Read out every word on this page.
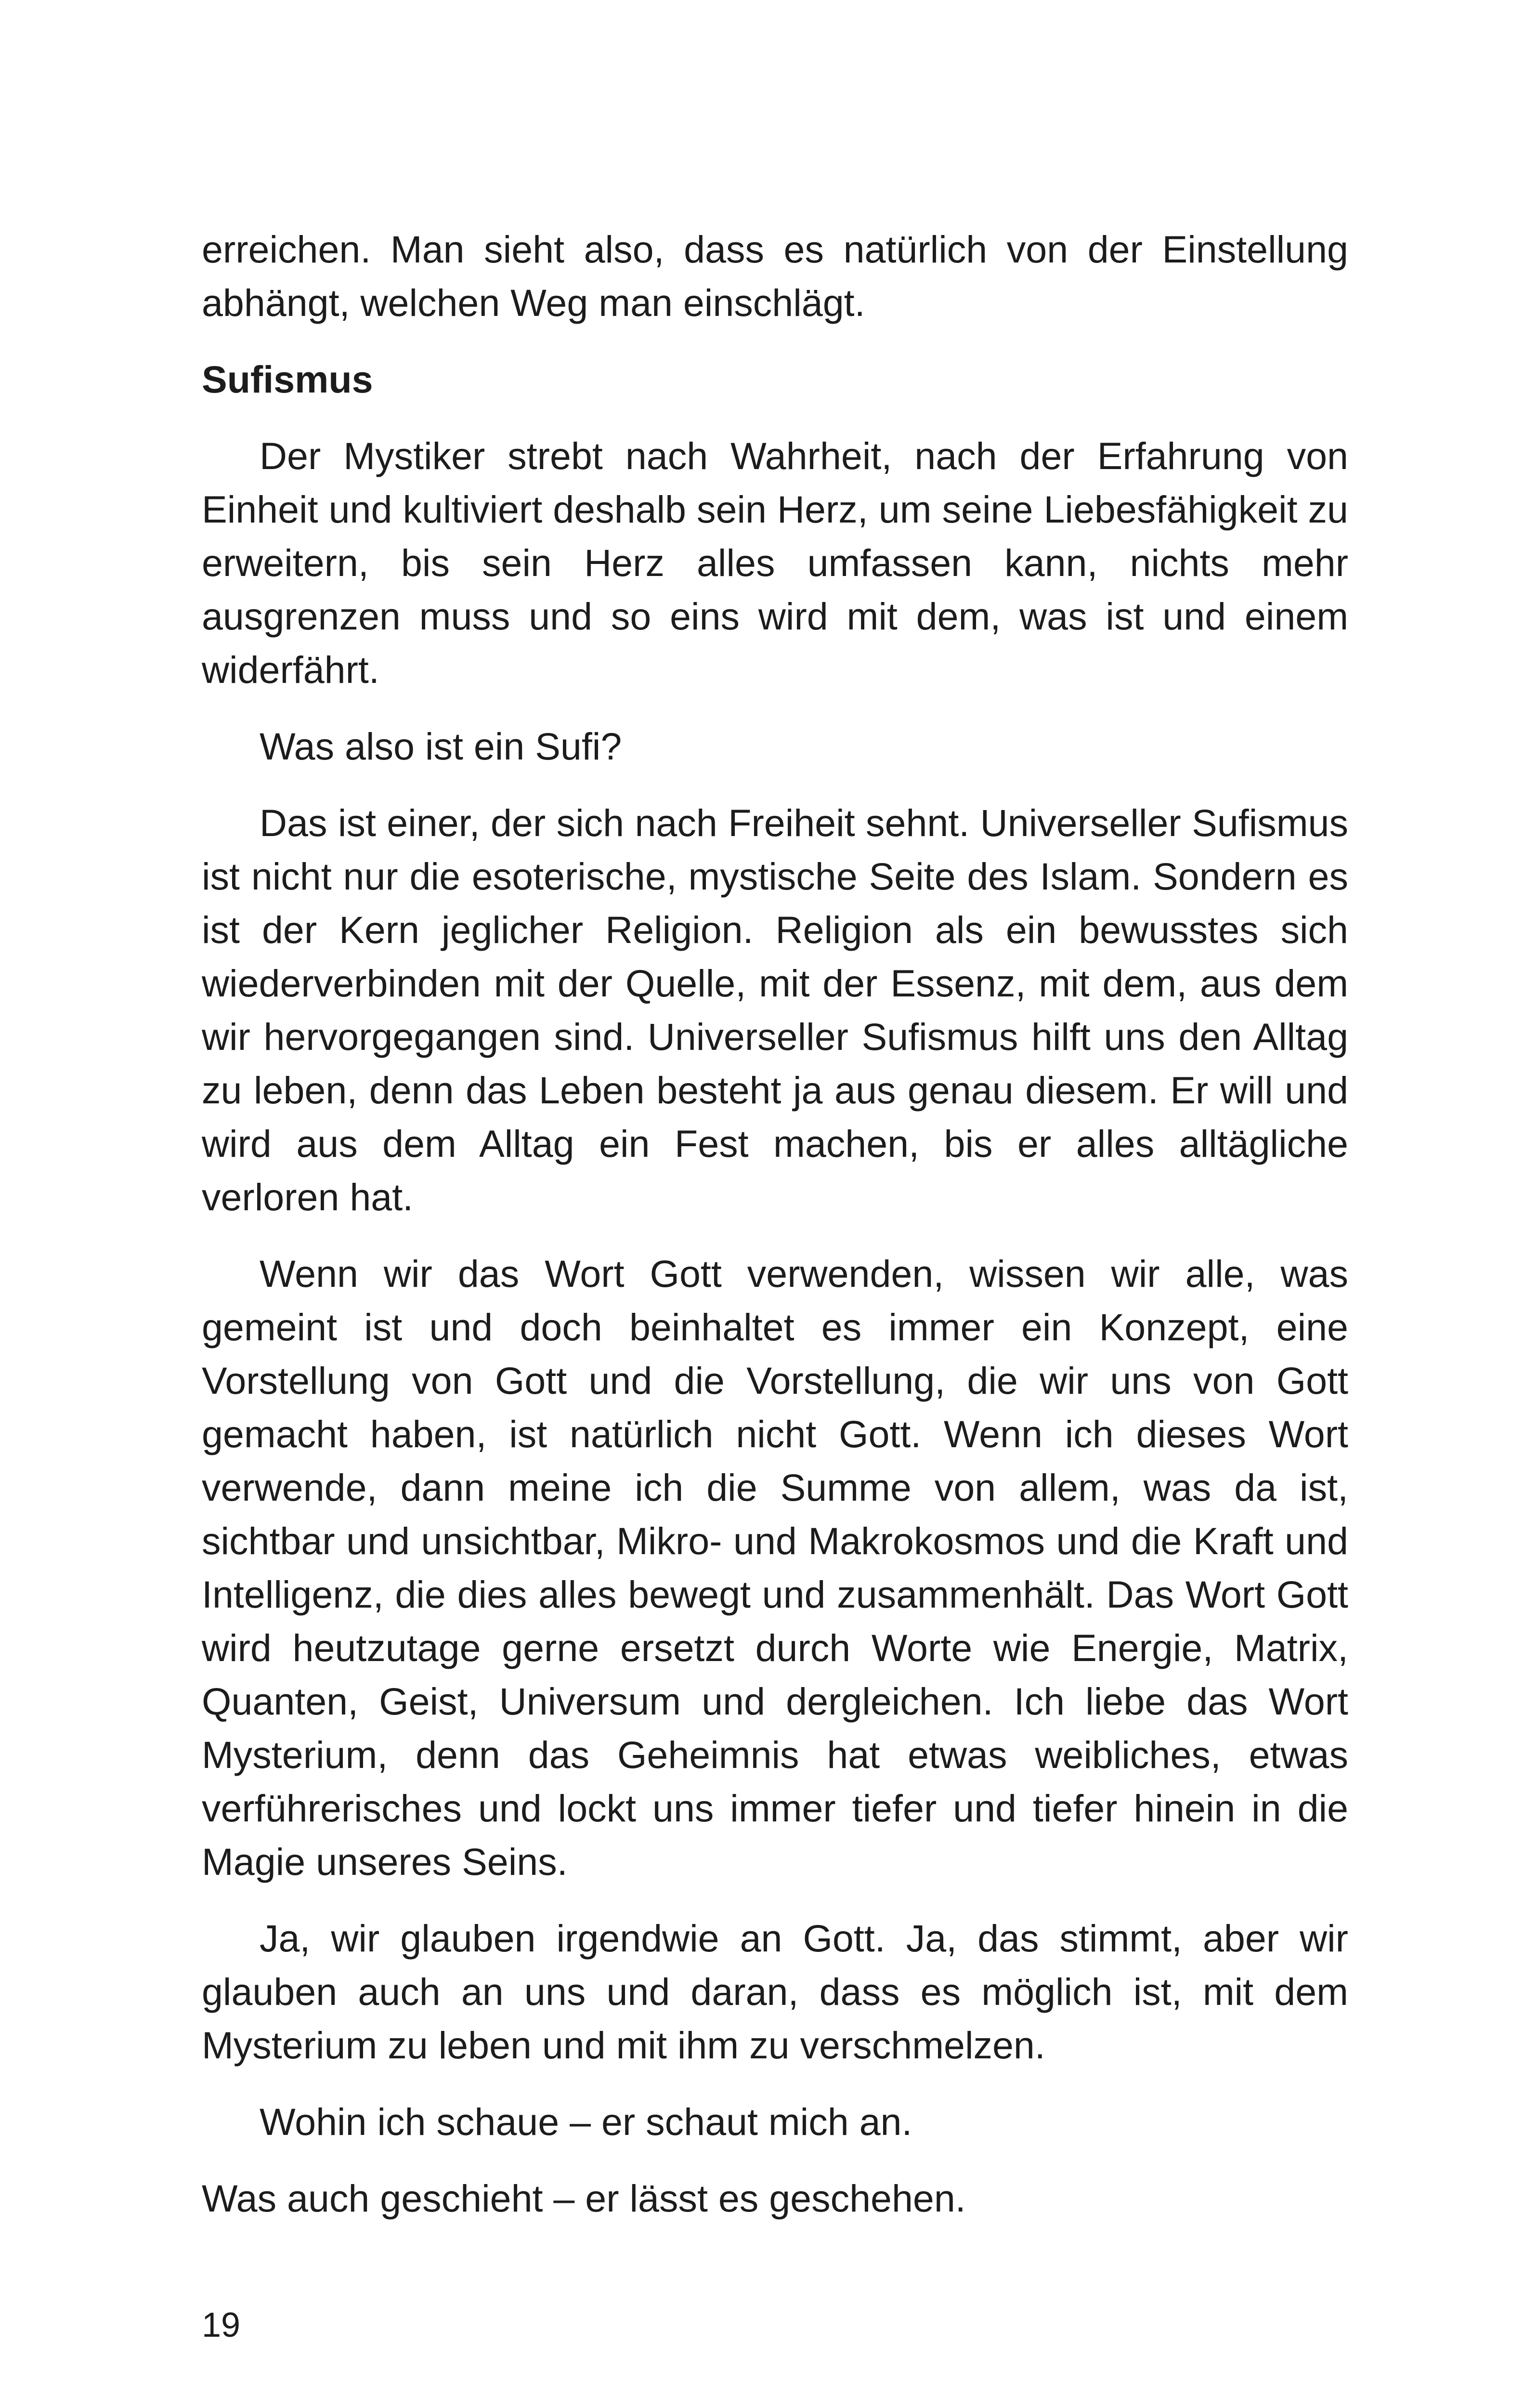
erreichen. Man sieht also, dass es natürlich von der Einstellung abhängt, welchen Weg man einschlägt.

Sufismus

Der Mystiker strebt nach Wahrheit, nach der Erfahrung von Einheit und kultiviert deshalb sein Herz, um seine Liebesfähigkeit zu erweitern, bis sein Herz alles umfassen kann, nichts mehr ausgrenzen muss und so eins wird mit dem, was ist und einem widerfährt.

Was also ist ein Sufi?

Das ist einer, der sich nach Freiheit sehnt. Universeller Sufismus ist nicht nur die esoterische, mystische Seite des Islam. Sondern es ist der Kern jeglicher Religion. Religion als ein bewusstes sich wiederverbinden mit der Quelle, mit der Essenz, mit dem, aus dem wir hervorgegangen sind. Universeller Sufismus hilft uns den Alltag zu leben, denn das Leben besteht ja aus genau diesem. Er will und wird aus dem Alltag ein Fest machen, bis er alles alltägliche verloren hat.

Wenn wir das Wort Gott verwenden, wissen wir alle, was gemeint ist und doch beinhaltet es immer ein Konzept, eine Vorstellung von Gott und die Vorstellung, die wir uns von Gott gemacht haben, ist natürlich nicht Gott. Wenn ich dieses Wort verwende, dann meine ich die Summe von allem, was da ist, sichtbar und unsichtbar, Mikro- und Makrokosmos und die Kraft und Intelligenz, die dies alles bewegt und zusammenhält. Das Wort Gott wird heutzutage gerne ersetzt durch Worte wie Energie, Matrix, Quanten, Geist, Universum und dergleichen. Ich liebe das Wort Mysterium, denn das Geheimnis hat etwas weibliches, etwas verführerisches und lockt uns immer tiefer und tiefer hinein in die Magie unseres Seins.

Ja, wir glauben irgendwie an Gott. Ja, das stimmt, aber wir glauben auch an uns und daran, dass es möglich ist, mit dem Mysterium zu leben und mit ihm zu verschmelzen.

Wohin ich schaue – er schaut mich an.

Was auch geschieht – er lässt es geschehen.

19
